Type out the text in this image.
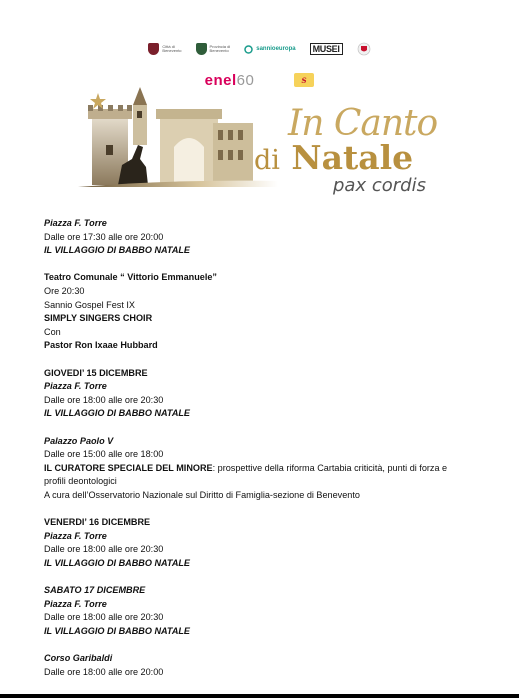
Città di
Benevento
Provincia di
Benevento	sannioeuropa	MUSEI
enel60	S
In Canto
di Natale
pax cordis

Piazza F. Torre

Dalle ore 17:30 alle ore 20:00

IL VILLAGGIO DI BABBO NATALE

Teatro Comunale “ Vittorio Emmanuele”

Ore 20:30

Sannio Gospel Fest IX

SIMPLY SINGERS CHOIR

Con

Pastor Ron Ixaae Hubbard

GIOVEDI’ 15 DICEMBRE

Piazza F. Torre

Dalle ore 18:00 alle ore 20:30

IL VILLAGGIO DI BABBO NATALE

Palazzo Paolo V

Dalle ore 15:00 alle ore 18:00

IL CURATORE SPECIALE DEL MINORE: prospettive della riforma Cartabia criticità, punti di forza e

profili deontologici

A cura dell’Osservatorio Nazionale sul Diritto di Famiglia-sezione di Benevento

VENERDI’ 16 DICEMBRE

Piazza F. Torre

Dalle ore 18:00 alle ore 20:30

IL VILLAGGIO DI BABBO NATALE

SABATO 17 DICEMBRE

Piazza F. Torre

Dalle ore 18:00 alle ore 20:30

IL VILLAGGIO DI BABBO NATALE

Corso Garibaldi

Dalle ore 18:00 alle ore 20:00
